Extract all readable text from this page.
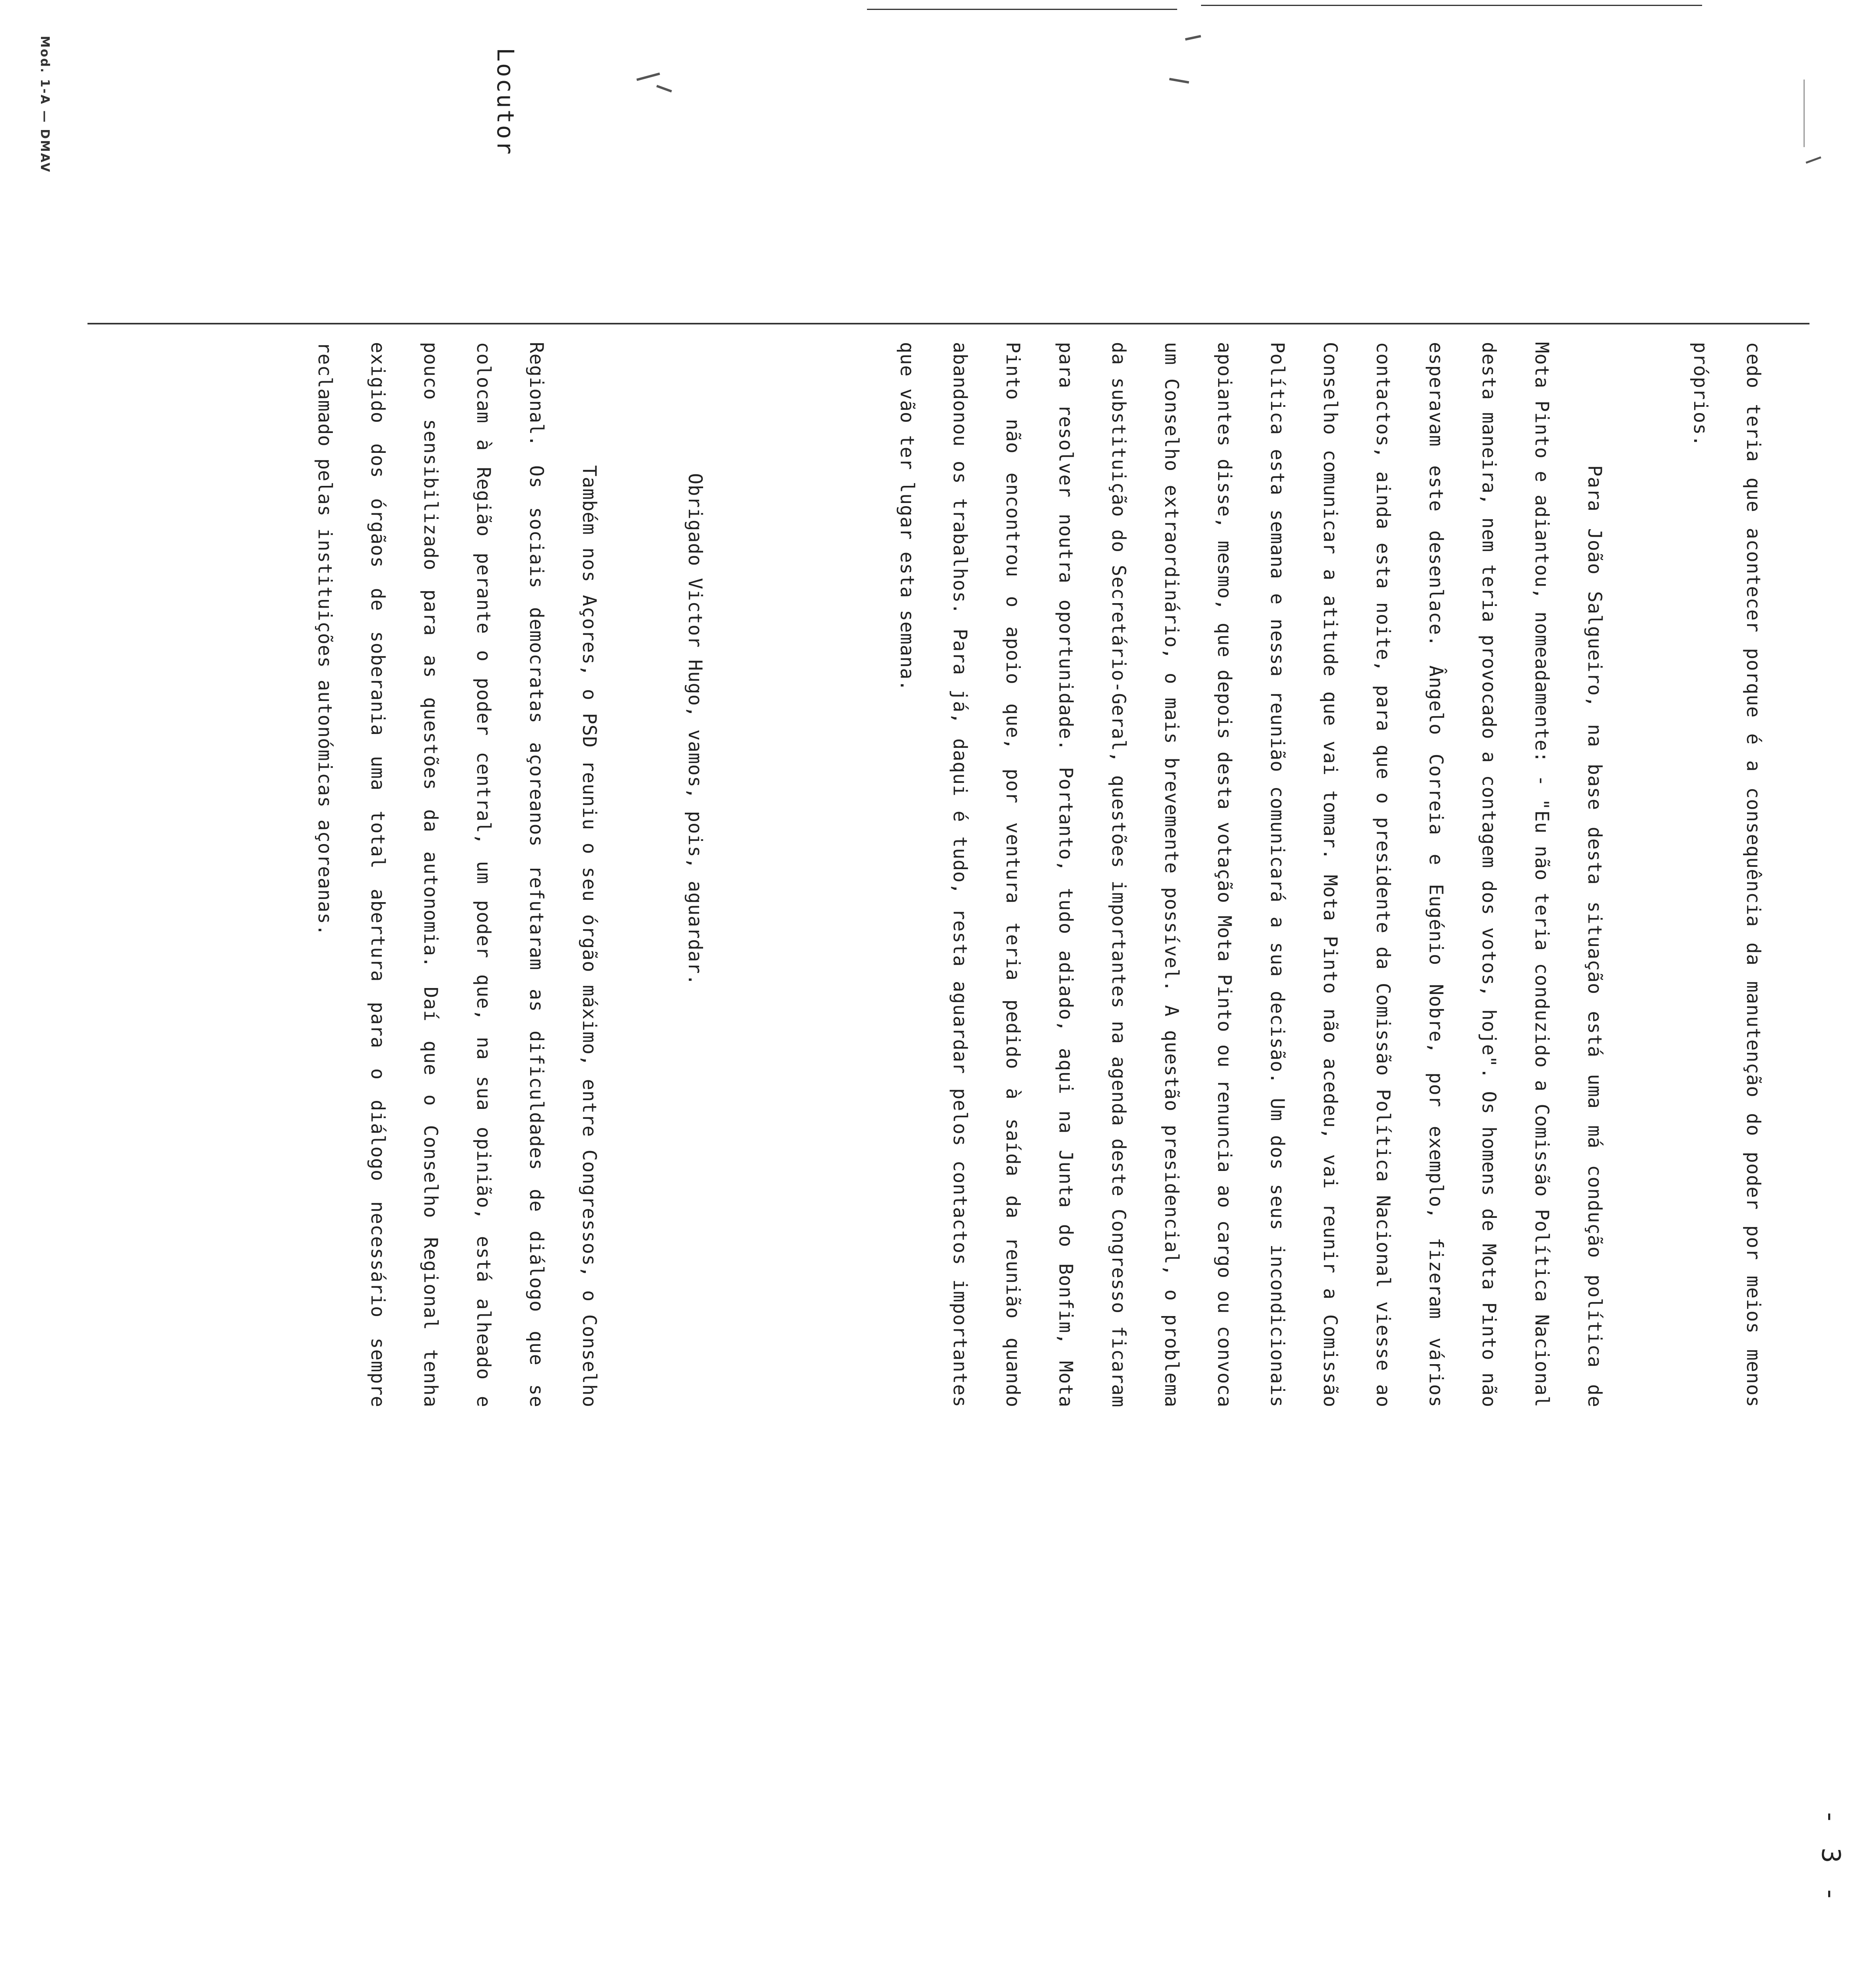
Mod. 1-A — DMAV	Locutor
- 3 -

cedo teria que acontecer porque é a consequência da manutenção do poder por meios menos próprios.

Para João Salgueiro, na base desta situação está uma má condução política de Mota Pinto e adiantou, nomeadamente: - "Eu não teria conduzido a Comissão Política Nacional desta maneira, nem teria provocado a contagem dos votos, hoje". Os homens de Mota Pinto não esperavam este desenlace. Ângelo Correia e Eugénio Nobre, por exemplo, fizeram vários contactos, ainda esta noite, para que o presidente da Comissão Política Nacional viesse ao Conselho comunicar a atitude que vai tomar. Mota Pinto não acedeu, vai reunir a Comissão Política esta semana e nessa reunião comunicará a sua decisão. Um dos seus incondicionais apoiantes disse, mesmo, que depois desta votação Mota Pinto ou renuncia ao cargo ou convoca um Conselho extraordinário, o mais brevemente possível. A questão presidencial, o problema da substituição do Secretário-Geral, questões importantes na agenda deste Congresso ficaram para resolver noutra oportunidade. Portanto, tudo adiado, aqui na Junta do Bonfim, Mota Pinto não encontrou o apoio que, por ventura teria pedido à saída da reunião quando abandonou os trabalhos. Para já, daqui é tudo, resta aguardar pelos contactos importantes que vão ter lugar esta semana.

Obrigado Victor Hugo, vamos, pois, aguardar.

Também nos Açores, o PSD reuniu o seu órgão máximo, entre Congressos, o Conselho Regional. Os sociais democratas açoreanos refutaram as dificuldades de diálogo que se colocam à Região perante o poder central, um poder que, na sua opinião, está alheado e pouco sensibilizado para as questões da autonomia. Daí que o Conselho Regional tenha exigido dos órgãos de soberania uma total abertura para o diálogo necessário sempre reclamado pelas instituições autonómicas açoreanas.
